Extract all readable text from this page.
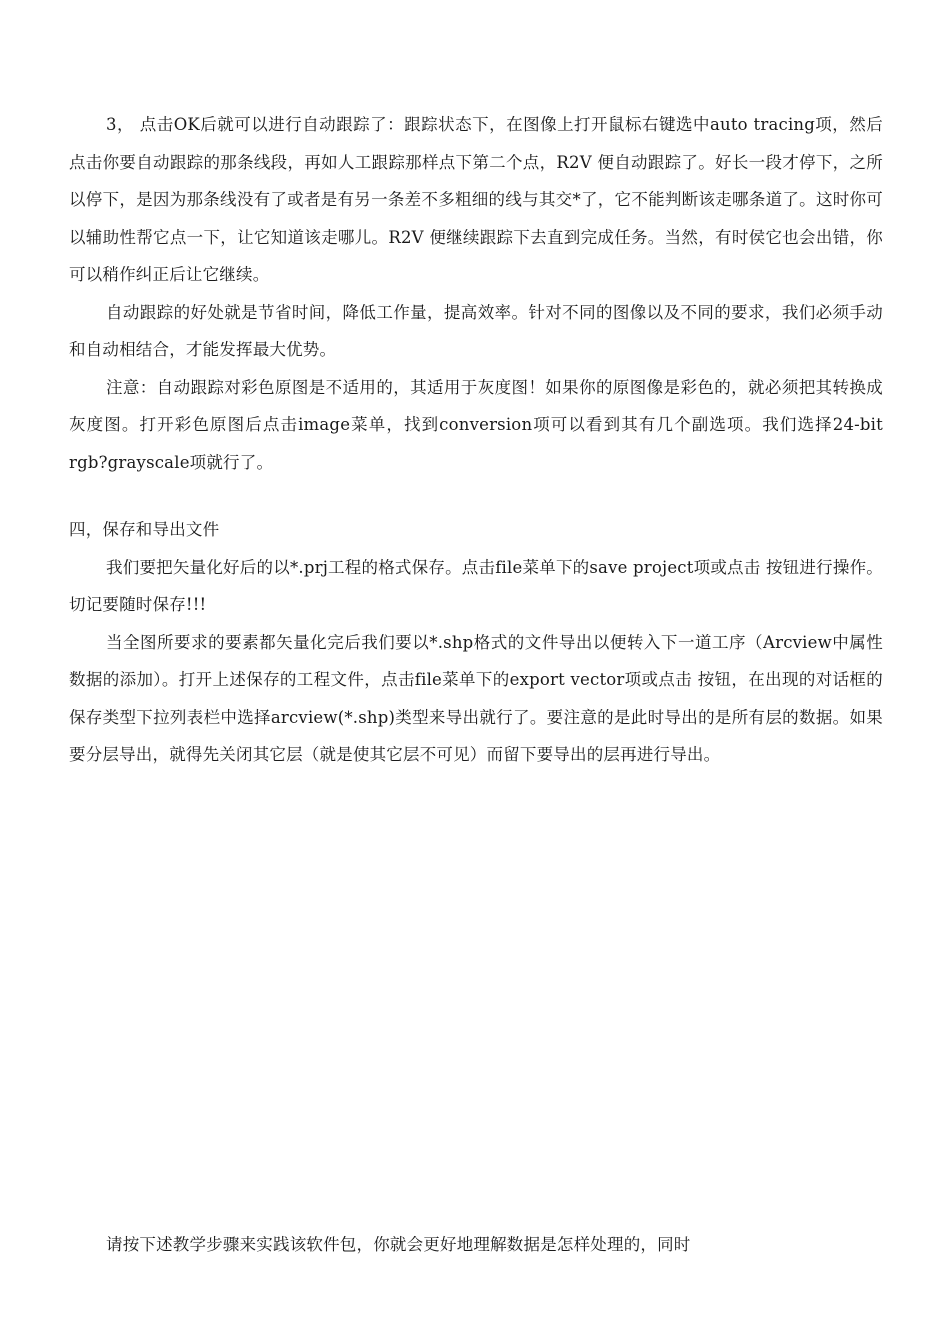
3， 点击OK后就可以进行自动跟踪了：跟踪状态下，在图像上打开鼠标右键选中auto tracing项，然后点击你要自动跟踪的那条线段，再如人工跟踪那样点下第二个点，R2V 便自动跟踪了。好长一段才停下，之所以停下，是因为那条线没有了或者是有另一条差不多粗细的线与其交*了，它不能判断该走哪条道了。这时你可以辅助性帮它点一下，让它知道该走哪儿。R2V 便继续跟踪下去直到完成任务。当然，有时侯它也会出错，你可以稍作纠正后让它继续。

自动跟踪的好处就是节省时间，降低工作量，提高效率。针对不同的图像以及不同的要求，我们必须手动和自动相结合，才能发挥最大优势。

注意：自动跟踪对彩色原图是不适用的，其适用于灰度图！如果你的原图像是彩色的，就必须把其转换成灰度图。打开彩色原图后点击image菜单，找到conversion项可以看到其有几个副选项。我们选择24-bit rgb?grayscale项就行了。

四，保存和导出文件

我们要把矢量化好后的以*.prj工程的格式保存。点击file菜单下的save project项或点击 按钮进行操作。切记要随时保存!!!

当全图所要求的要素都矢量化完后我们要以*.shp格式的文件导出以便转入下一道工序（Arcview中属性数据的添加）。打开上述保存的工程文件，点击file菜单下的export vector项或点击 按钮，在出现的对话框的保存类型下拉列表栏中选择arcview(*.shp)类型来导出就行了。要注意的是此时导出的是所有层的数据。如果要分层导出，就得先关闭其它层（就是使其它层不可见）而留下要导出的层再进行导出。

请按下述教学步骤来实践该软件包，你就会更好地理解数据是怎样处理的，同时
